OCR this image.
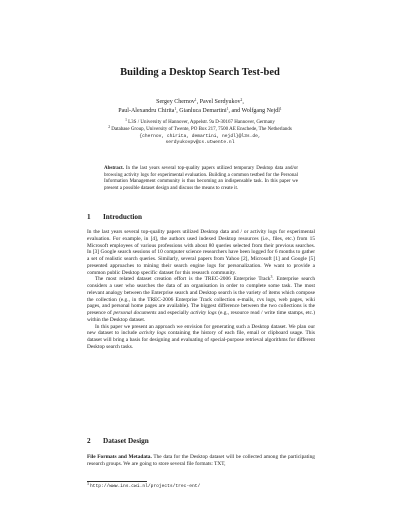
Building a Desktop Search Test-bed
Sergey Chernov$^1$, Pavel Serdyukov$^2$,
Paul-Alexandru Chirita$^1$, Gianluca Demartini$^1$, and Wolfgang Nejdl$^1$
$^1$ L3S / University of Hannover, Appelstr. 9a D-30167 Hannover, Germany
$^2$ Database Group, University of Twente, PO Box 217, 7500 AE Enschede, The Netherlands
{chernov, chirita, demartini, nejdl}@l3s.de,
serdyukovpv@cs.utwente.nl
Abstract. In the last years several top-quality papers utilized temporary Desktop data and/or browsing activity logs for experimental evaluation. Building a common testbed for the Personal Information Management community is thus becoming an indispensable task. In this paper we present a possible dataset design and discuss the means to create it.
1 Introduction

In the last years several top-quality papers utilized Desktop data and / or activity logs for experimental evaluation. For example, in [4], the authors used indexed Desktop resources (i.e., files, etc.) from 15 Microsoft employees of various professions with about 80 queries selected from their previous searches. In [3] Google search sessions of 10 computer science researchers have been logged for 6 months to gather a set of realistic search queries. Similarly, several papers from Yahoo [2], Microsoft [1] and Google [5] presented approaches to mining their search engine logs for personalization. We want to provide a common public Desktop specific dataset for this research community.

The most related dataset creation effort is the TREC-2006 Enterprise Track$^3$. Enterprise search considers a user who searches the data of an organisation in order to complete some task. The most relevant analogy between the Enterprise search and Desktop search is the variety of items which compose the collection (e.g., in the TREC-2006 Enterprise Track collection e-mails, cvs logs, web pages, wiki pages, and personal home pages are available). The biggest difference between the two collections is the presence of personal documents and especially activity logs (e.g., resource read / write time stamps, etc.) within the Desktop dataset.

In this paper we present an approach we envision for generating such a Desktop dataset. We plan our new dataset to include activity logs containing the history of each file, email or clipboard usage. This dataset will bring a basis for designing and evaluating of special-purpose retrieval algorithms for different Desktop search tasks.

2 Dataset Design

File Formats and Metadata. The data for the Desktop dataset will be collected among the participating research groups. We are going to store several file formats: TXT,

$^3$ http://www.ins.cwi.nl/projects/trec-ent/
